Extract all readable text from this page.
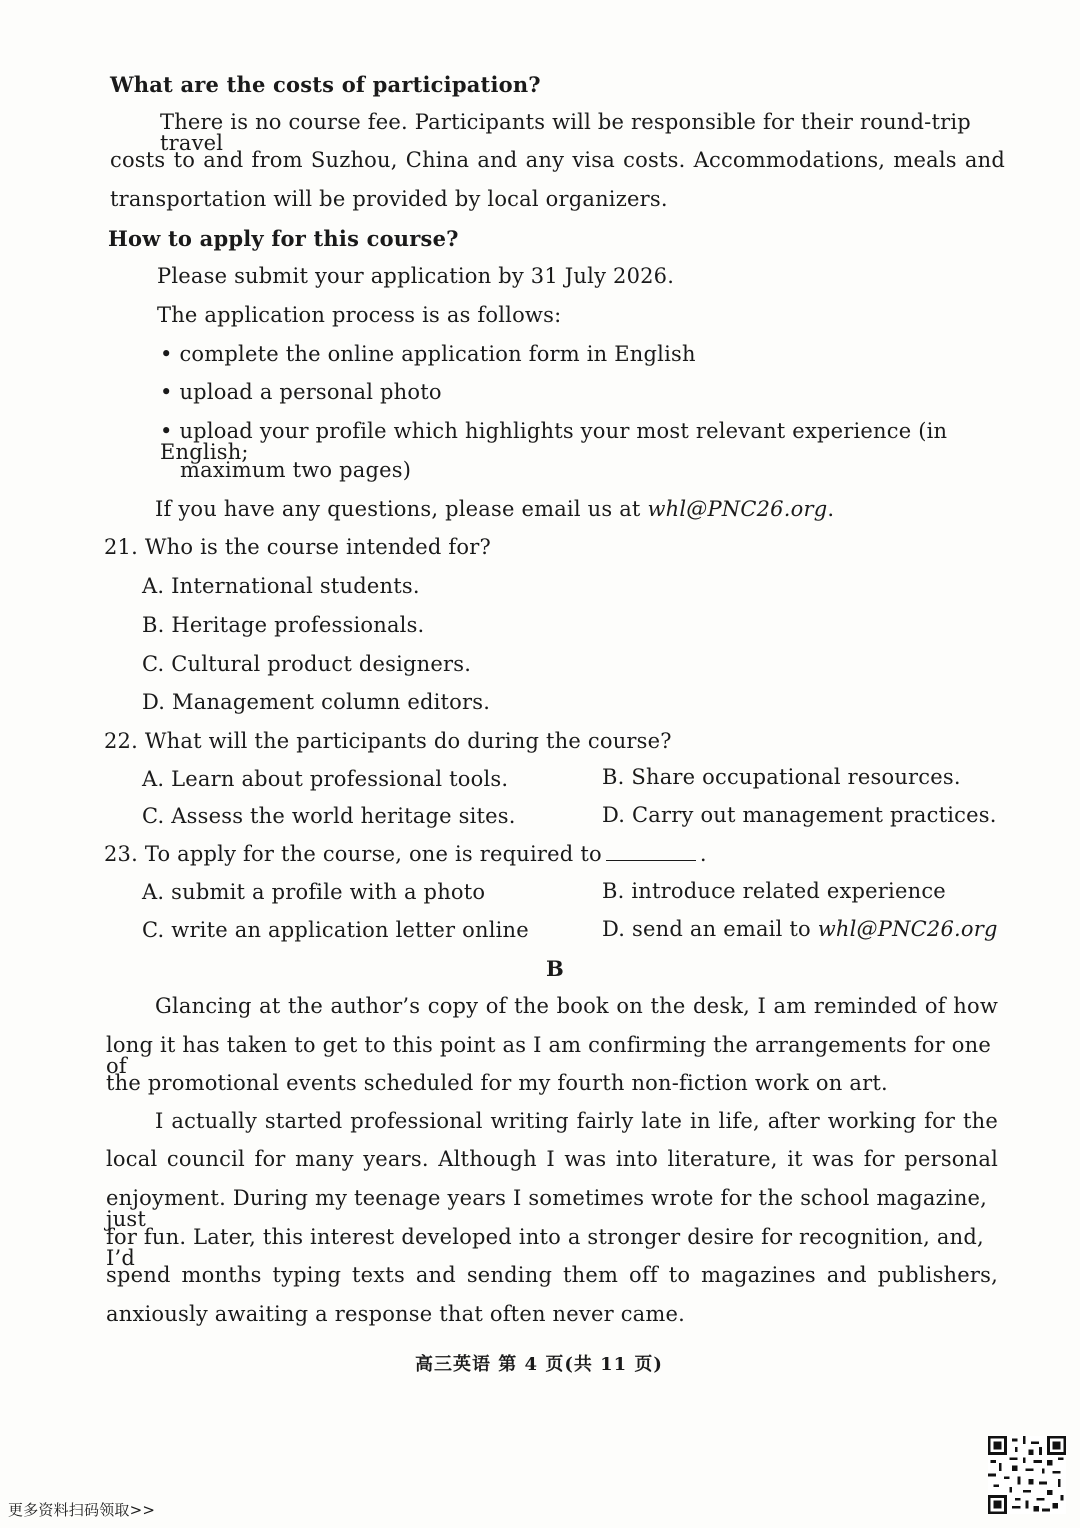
What are the costs of participation?
There is no course fee. Participants will be responsible for their round-trip travel
costs to and from Suzhou, China and any visa costs. Accommodations, meals and
transportation will be provided by local organizers.
How to apply for this course?
Please submit your application by 31 July 2026.
The application process is as follows:
• complete the online application form in English
• upload a personal photo
• upload your profile which highlights your most relevant experience (in English;
maximum two pages)
If you have any questions, please email us at whl@PNC26.org.
21. Who is the course intended for?
A. International students.
B. Heritage professionals.
C. Cultural product designers.
D. Management column editors.
22. What will the participants do during the course?
A. Learn about professional tools.	B. Share occupational resources.
C. Assess the world heritage sites.	D. Carry out management practices.
23. To apply for the course, one is required to	.
A. submit a profile with a photo	B. introduce related experience
C. write an application letter online	D. send an email to whl@PNC26.org
B
Glancing at the author’s copy of the book on the desk, I am reminded of how
long it has taken to get to this point as I am confirming the arrangements for one of
the promotional events scheduled for my fourth non-fiction work on art.
I actually started professional writing fairly late in life, after working for the
local council for many years. Although I was into literature, it was for personal
enjoyment. During my teenage years I sometimes wrote for the school magazine, just
for fun. Later, this interest developed into a stronger desire for recognition, and, I’d
spend months typing texts and sending them off to magazines and publishers,
anxiously awaiting a response that often never came.
高三英语 第 4 页(共 11 页)
更多资料扫码领取>>
